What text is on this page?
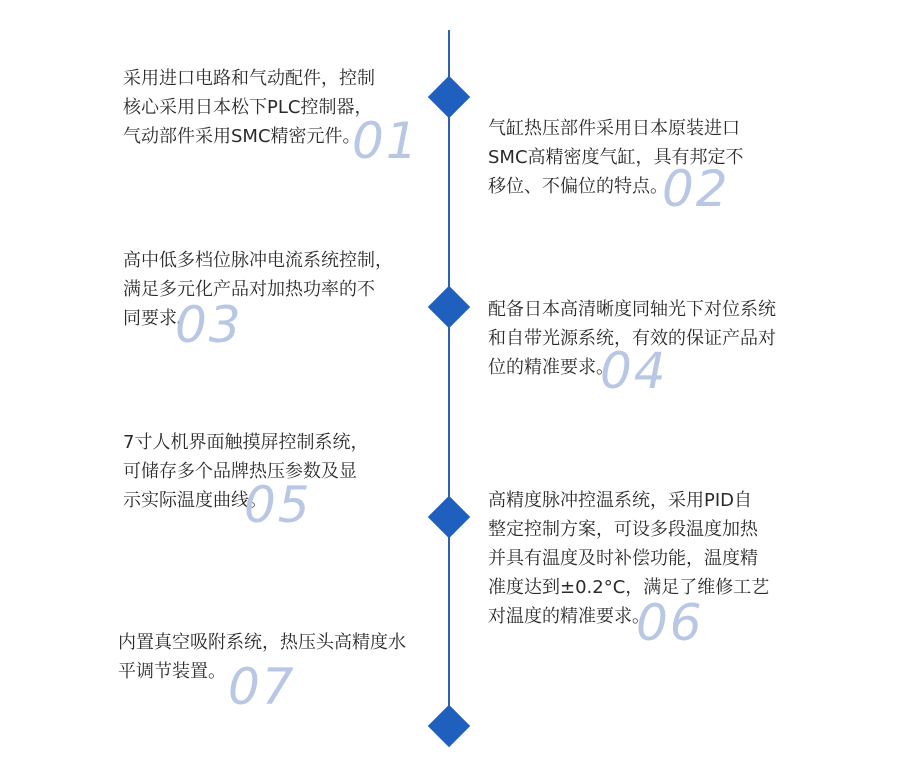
采用进口电路和气动配件，控制
核心采用日本松下PLC控制器，
气动部件采用SMC精密元件。
01	气缸热压部件采用日本原装进口
SMC高精密度气缸，具有邦定不
移位、不偏位的特点。
02
高中低多档位脉冲电流系统控制，
满足多元化产品对加热功率的不
同要求。
03	配备日本高清晰度同轴光下对位系统
和自带光源系统，有效的保证产品对
位的精准要求。
04
7寸人机界面触摸屏控制系统，
可储存多个品牌热压参数及显
示实际温度曲线。
05	高精度脉冲控温系统，采用PID自
整定控制方案，可设多段温度加热
并具有温度及时补偿功能，温度精
准度达到±0.2°C，满足了维修工艺
对温度的精准要求。
06
内置真空吸附系统，热压头高精度水
平调节装置。 07
